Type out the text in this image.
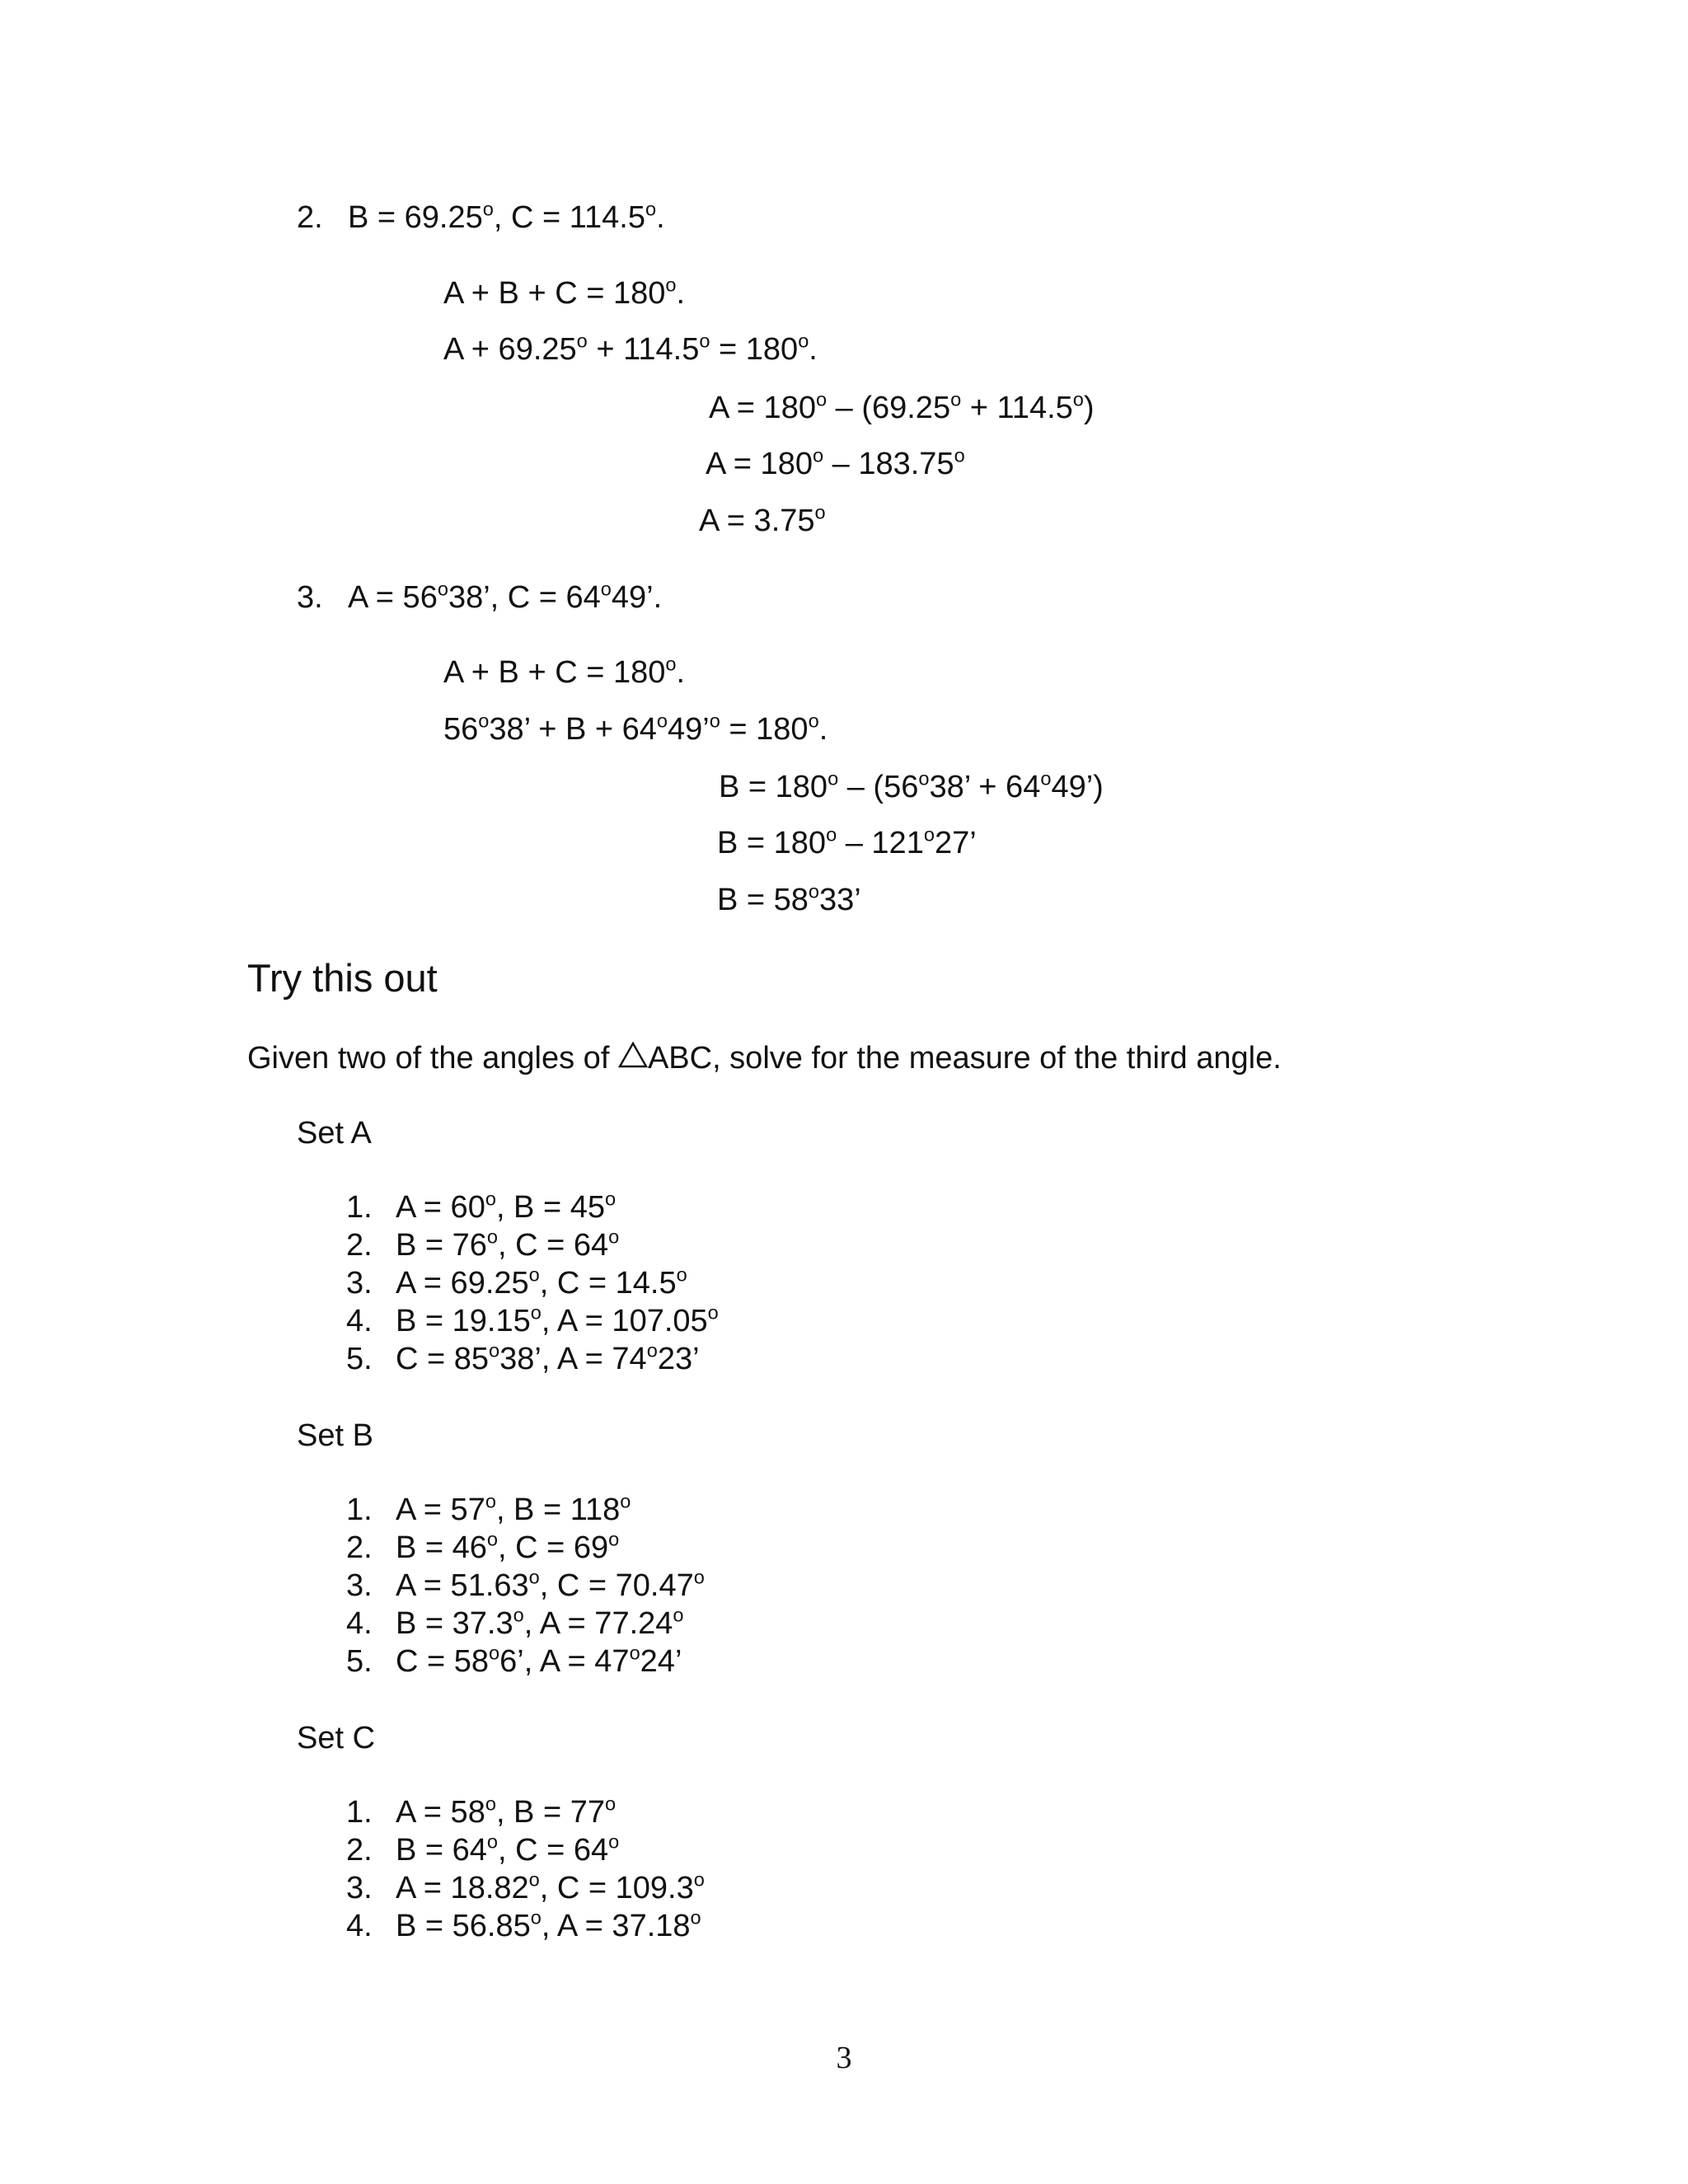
2. $B = 69.25^o$, $C = 114.5^o$.
$A + B + C = 180^o$.
$A + 69.25^o + 114.5^o = 180^o$.
$A = 180^o - (69.25^o + 114.5^o)$
$A = 180^o - 183.75^o$
$A = 3.75^o$
3. $A = 56^o38$’, $C = 64^o49$’.
$A + B + C = 180^o$.
$56^o38$’ + $B + 64^o49’^o = 180^o$.
$B = 180^o - (56^o38$’ + $64^o49$’)
$B = 180^o - 121^o27$’
$B = 58^o33$’
Try this out
Given two of the angles of
ABC, solve for the measure of the third angle.
Set A
1. $A = 60^o$, $B = 45^o$
2. $B = 76^o$, $C = 64^o$
3. $A = 69.25^o$, $C = 14.5^o$
4. $B = 19.15^o$, $A = 107.05^o$
5. $C = 85^o38$’, $A = 74^o23$’
Set B
1. $A = 57^o$, $B = 118^o$
2. $B = 46^o$, $C = 69^o$
3. $A = 51.63^o$, $C = 70.47^o$
4. $B = 37.3^o$, $A = 77.24^o$
5. $C = 58^o6$’, $A = 47^o24$’
Set C
1. $A = 58^o$, $B = 77^o$
2. $B = 64^o$, $C = 64^o$
3. $A = 18.82^o$, $C = 109.3^o$
4. $B = 56.85^o$, $A = 37.18^o$
3
